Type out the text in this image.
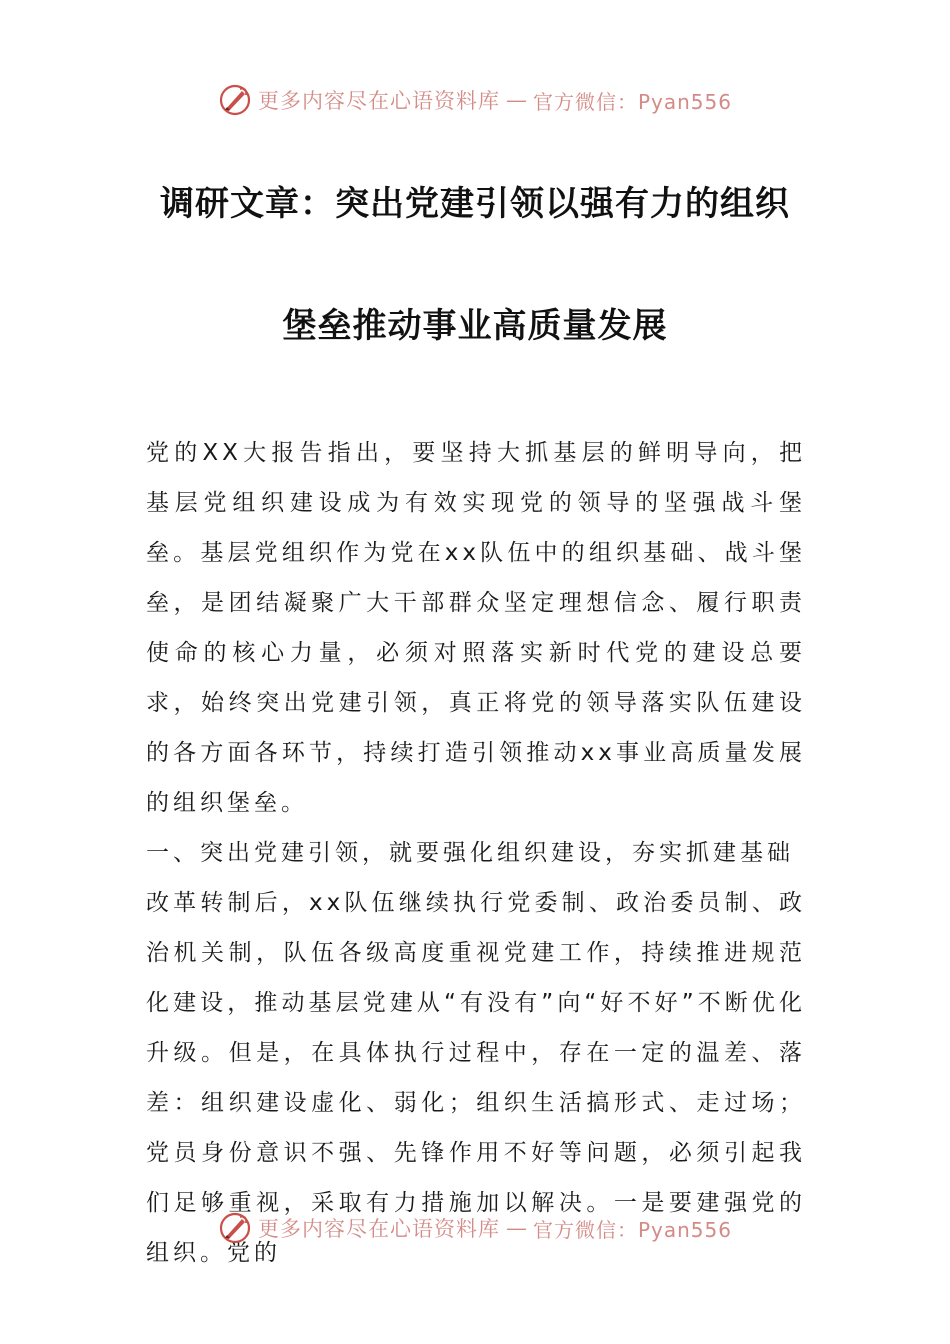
更多内容尽在心语资料库 — 官方微信：Pyan556
调研文章：突出党建引领以强有力的组织
堡垒推动事业高质量发展

党的XX大报告指出，要坚持大抓基层的鲜明导向，把基层党组织建设成为有效实现党的领导的坚强战斗堡垒。基层党组织作为党在xx队伍中的组织基础、战斗堡垒，是团结凝聚广大干部群众坚定理想信念、履行职责使命的核心力量，必须对照落实新时代党的建设总要求，始终突出党建引领，真正将党的领导落实队伍建设的各方面各环节，持续打造引领推动xx事业高质量发展的组织堡垒。

一、突出党建引领，就要强化组织建设，夯实抓建基础

改革转制后，xx队伍继续执行党委制、政治委员制、政治机关制，队伍各级高度重视党建工作，持续推进规范化建设，推动基层党建从“有没有”向“好不好”不断优化升级。但是，在具体执行过程中，存在一定的温差、落差：组织建设虚化、弱化；组织生活搞形式、走过场；党员身份意识不强、先锋作用不好等问题，必须引起我们足够重视，采取有力措施加以解决。一是要建强党的组织。党的

更多内容尽在心语资料库 — 官方微信：Pyan556
